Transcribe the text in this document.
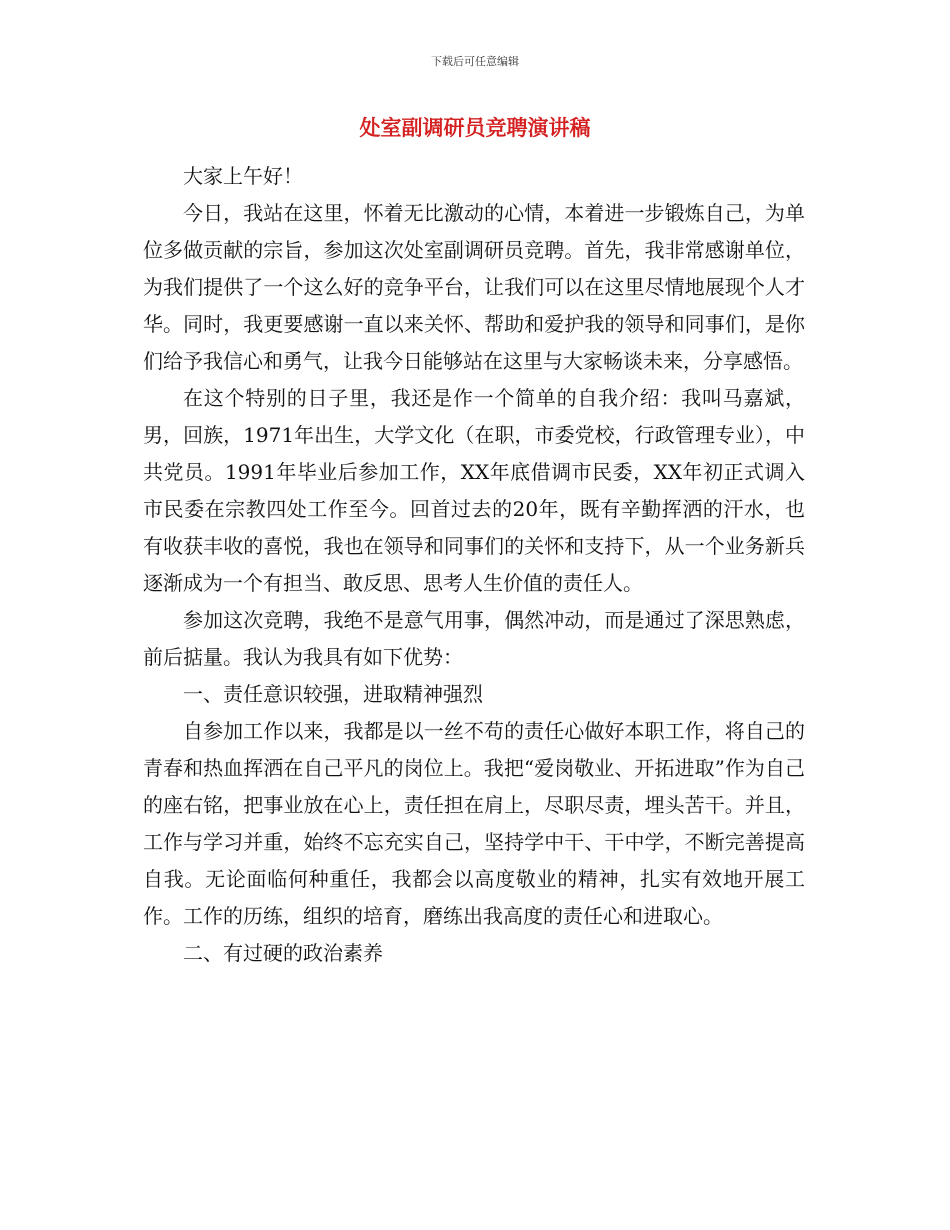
下载后可任意编辑
处室副调研员竞聘演讲稿

大家上午好！

今日，我站在这里，怀着无比激动的心情，本着进一步锻炼自己，为单位多做贡献的宗旨，参加这次处室副调研员竞聘。首先，我非常感谢单位，为我们提供了一个这么好的竞争平台，让我们可以在这里尽情地展现个人才华。同时，我更要感谢一直以来关怀、帮助和爱护我的领导和同事们，是你们给予我信心和勇气，让我今日能够站在这里与大家畅谈未来，分享感悟。

在这个特别的日子里，我还是作一个简单的自我介绍：我叫马嘉斌，男，回族，1971年出生，大学文化（在职，市委党校，行政管理专业），中共党员。1991年毕业后参加工作，XX年底借调市民委，XX年初正式调入市民委在宗教四处工作至今。回首过去的20年，既有辛勤挥洒的汗水，也有收获丰收的喜悦，我也在领导和同事们的关怀和支持下，从一个业务新兵逐渐成为一个有担当、敢反思、思考人生价值的责任人。

参加这次竞聘，我绝不是意气用事，偶然冲动，而是通过了深思熟虑，前后掂量。我认为我具有如下优势：

一、责任意识较强，进取精神强烈

自参加工作以来，我都是以一丝不苟的责任心做好本职工作，将自己的青春和热血挥洒在自己平凡的岗位上。我把“爱岗敬业、开拓进取”作为自己的座右铭，把事业放在心上，责任担在肩上，尽职尽责，埋头苦干。并且，工作与学习并重，始终不忘充实自己，坚持学中干、干中学，不断完善提高自我。无论面临何种重任，我都会以高度敬业的精神，扎实有效地开展工作。工作的历练，组织的培育，磨练出我高度的责任心和进取心。

二、有过硬的政治素养
